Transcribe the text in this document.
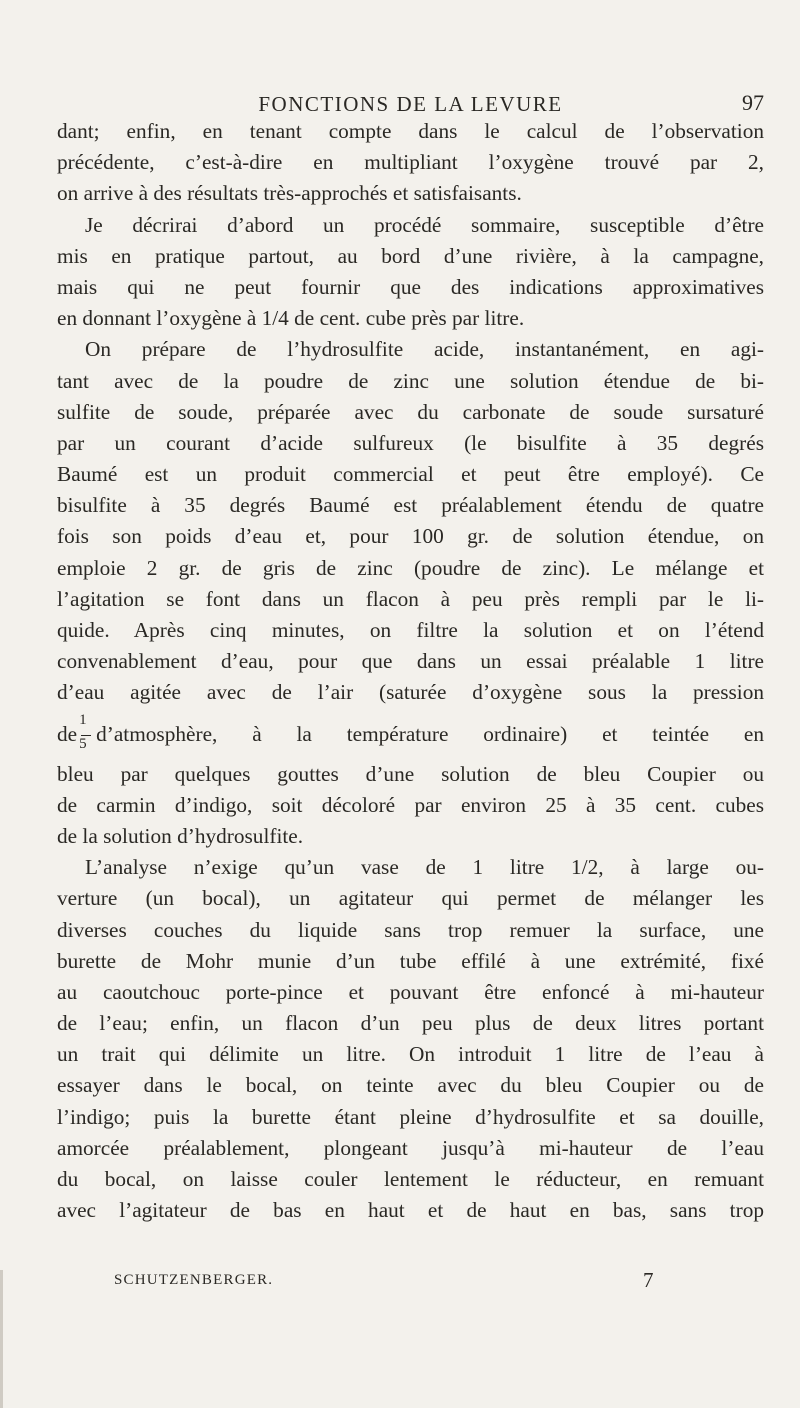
FONCTIONS DE LA LEVURE	97
dant; enfin, en tenant compte dans le calcul de l’observation
précédente, c’est-à-dire en multipliant l’oxygène trouvé par 2,
on arrive à des résultats très-approchés et satisfaisants.
Je décrirai d’abord un procédé sommaire, susceptible d’être
mis en pratique partout, au bord d’une rivière, à la campagne,
mais qui ne peut fournir que des indications approximatives
en donnant l’oxygène à 1/4 de cent. cube près par litre.
On prépare de l’hydrosulfite acide, instantanément, en agi-
tant avec de la poudre de zinc une solution étendue de bi-
sulfite de soude, préparée avec du carbonate de soude sursaturé
par un courant d’acide sulfureux (le bisulfite à 35 degrés
Baumé est un produit commercial et peut être employé). Ce
bisulfite à 35 degrés Baumé est préalablement étendu de quatre
fois son poids d’eau et, pour 100 gr. de solution étendue, on
emploie 2 gr. de gris de zinc (poudre de zinc). Le mélange et
l’agitation se font dans un flacon à peu près rempli par le li-
quide. Après cinq minutes, on filtre la solution et on l’étend
convenablement d’eau, pour que dans un essai préalable 1 litre
d’eau agitée avec de l’air (saturée d’oxygène sous la pression
de $\frac{1}{5}$ d’atmosphère, à la température ordinaire) et teintée en
bleu par quelques gouttes d’une solution de bleu Coupier ou
de carmin d’indigo, soit décoloré par environ 25 à 35 cent. cubes
de la solution d’hydrosulfite.
L’analyse n’exige qu’un vase de 1 litre 1/2, à large ou-
verture (un bocal), un agitateur qui permet de mélanger les
diverses couches du liquide sans trop remuer la surface, une
burette de Mohr munie d’un tube effilé à une extrémité, fixé
au caoutchouc porte-pince et pouvant être enfoncé à mi-hauteur
de l’eau; enfin, un flacon d’un peu plus de deux litres portant
un trait qui délimite un litre. On introduit 1 litre de l’eau à
essayer dans le bocal, on teinte avec du bleu Coupier ou de
l’indigo; puis la burette étant pleine d’hydrosulfite et sa douille,
amorcée préalablement, plongeant jusqu’à mi-hauteur de l’eau
du bocal, on laisse couler lentement le réducteur, en remuant
avec l’agitateur de bas en haut et de haut en bas, sans trop
SCHUTZENBERGER.	7
